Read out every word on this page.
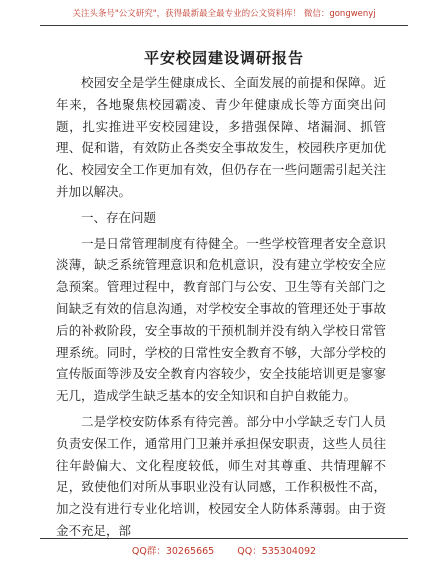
关注头条号"公文研究"，获得最新最全最专业的公文资料库！ 微信：gongwenyj
平安校园建设调研报告

校园安全是学生健康成长、全面发展的前提和保障。近年来，各地聚焦校园霸凌、青少年健康成长等方面突出问题，扎实推进平安校园建设，多措强保障、堵漏洞、抓管理、促和谐，有效防止各类安全事故发生，校园秩序更加优化、校园安全工作更加有效，但仍存在一些问题需引起关注并加以解决。

一、存在问题

一是日常管理制度有待健全。一些学校管理者安全意识淡薄，缺乏系统管理意识和危机意识，没有建立学校安全应急预案。管理过程中，教育部门与公安、卫生等有关部门之间缺乏有效的信息沟通，对学校安全事故的管理还处于事故后的补救阶段，安全事故的干预机制并没有纳入学校日常管理系统。同时，学校的日常性安全教育不够，大部分学校的宣传版面等涉及安全教育内容较少，安全技能培训更是寥寥无几，造成学生缺乏基本的安全知识和自护自救能力。

二是学校安防体系有待完善。部分中小学缺乏专门人员负责安保工作，通常用门卫兼并承担保安职责，这些人员往往年龄偏大、文化程度较低，师生对其尊重、共情理解不足，致使他们对所从事职业没有认同感，工作积极性不高，加之没有进行专业化培训，校园安全人防体系薄弱。由于资金不充足，部

QQ群：30265665 QQ：535304092
